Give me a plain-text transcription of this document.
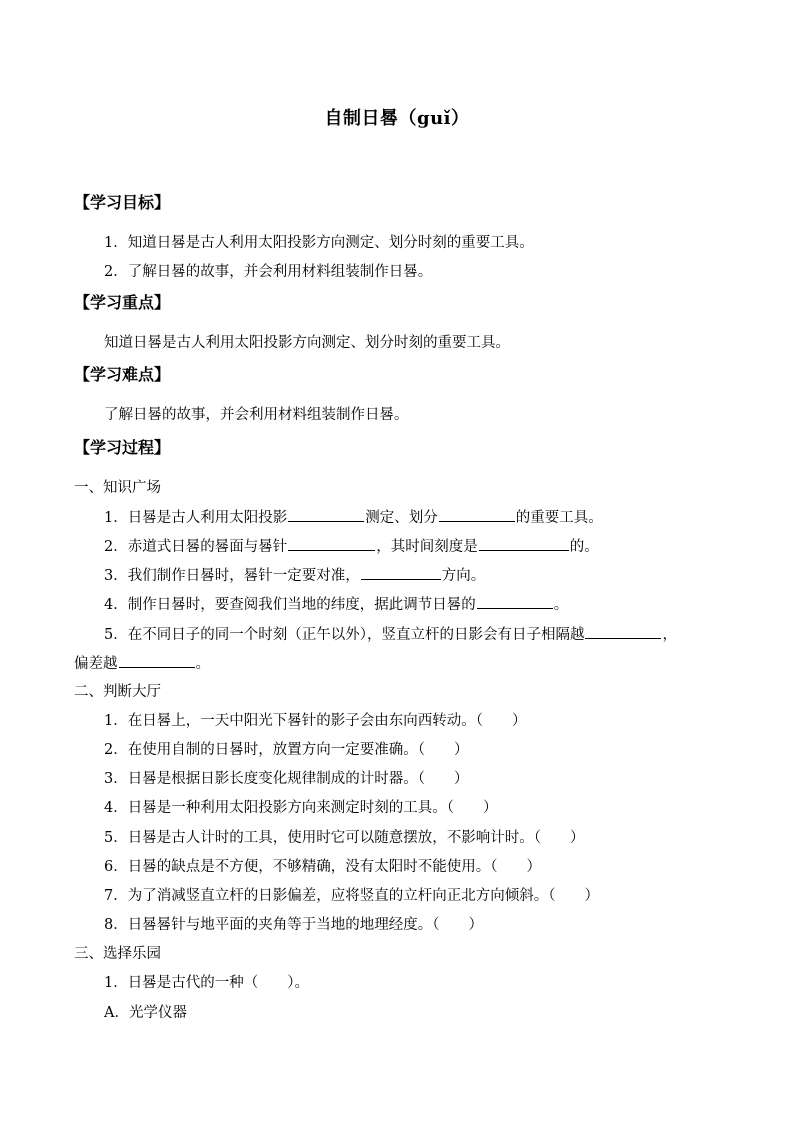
自制日晷（guǐ）
【学习目标】
1．知道日晷是古人利用太阳投影方向测定、划分时刻的重要工具。
2．了解日晷的故事，并会利用材料组装制作日晷。
【学习重点】
知道日晷是古人利用太阳投影方向测定、划分时刻的重要工具。
【学习难点】
了解日晷的故事，并会利用材料组装制作日晷。
【学习过程】
一、知识广场
1．日晷是古人利用太阳投影	测定、划分	的重要工具。
2．赤道式日晷的晷面与晷针	，其时间刻度是	的。
3．我们制作日晷时，晷针一定要对准，	方向。
4．制作日晷时，要查阅我们当地的纬度，据此调节日晷的	。
5．在不同日子的同一个时刻（正午以外），竖直立杆的日影会有日子相隔越	，
偏差越	。
二、判断大厅
1．在日晷上，一天中阳光下晷针的影子会由东向西转动。（　　）
2．在使用自制的日晷时，放置方向一定要准确。（　　）
3．日晷是根据日影长度变化规律制成的计时器。（　　）
4．日晷是一种利用太阳投影方向来测定时刻的工具。（　　）
5．日晷是古人计时的工具，使用时它可以随意摆放，不影响计时。（　　）
6．日晷的缺点是不方便，不够精确，没有太阳时不能使用。（　　）
7．为了消减竖直立杆的日影偏差，应将竖直的立杆向正北方向倾斜。（　　）
8．日晷晷针与地平面的夹角等于当地的地理经度。（　　）
三、选择乐园
1．日晷是古代的一种（　　）。
A．光学仪器
